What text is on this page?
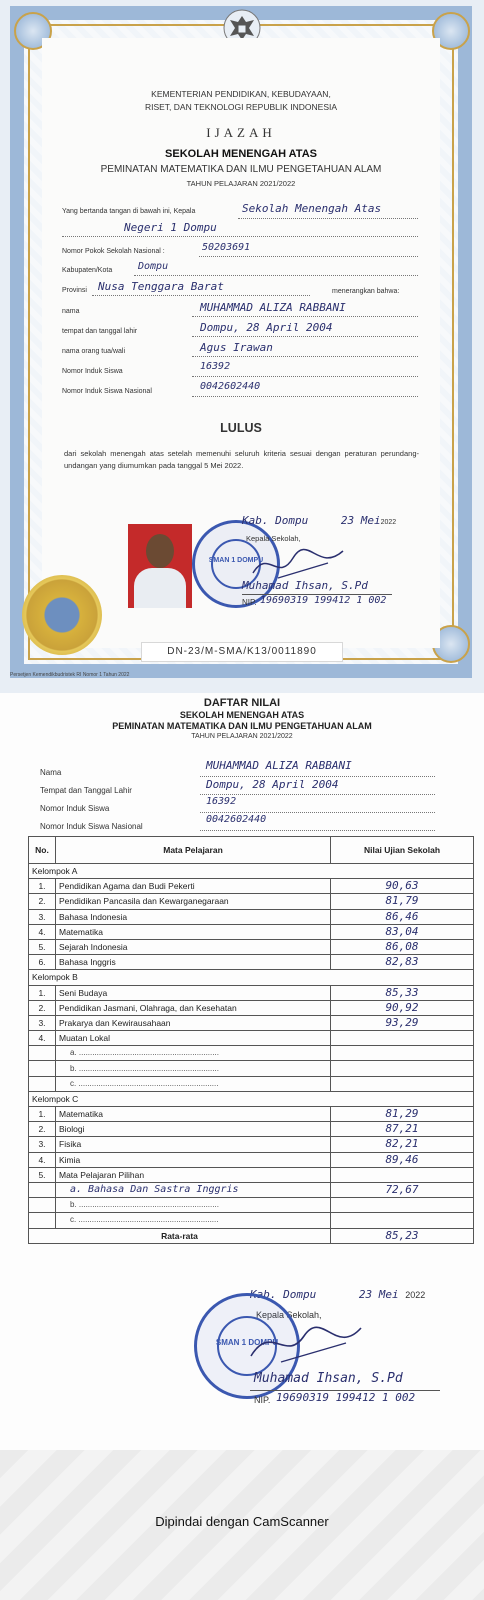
KEMENTERIAN PENDIDIKAN, KEBUDAYAAN,
RISET, DAN TEKNOLOGI REPUBLIK INDONESIA
IJAZAH
SEKOLAH MENENGAH ATAS
PEMINATAN MATEMATIKA DAN ILMU PENGETAHUAN ALAM
TAHUN PELAJARAN 2021/2022
Yang bertanda tangan di bawah ini, Kepala	Sekolah Menengah Atas
Negeri 1 Dompu
Nomor Pokok Sekolah Nasional :	50203691
Kabupaten/Kota	Dompu
Provinsi Nusa Tenggara Barat	menerangkan bahwa:
nama	MUHAMMAD ALIZA RABBANI
tempat dan tanggal lahir	Dompu, 28 April 2004
nama orang tua/wali	Agus Irawan
Nomor Induk Siswa	16392
Nomor Induk Siswa Nasional	0042602440
LULUS
dari sekolah menengah atas setelah memenuhi seluruh kriteria sesuai dengan peraturan perundang-undangan yang diumumkan pada tanggal 5 Mei 2022.
SMAN 1 DOMPU
Kab. Dompu	23 Mei2022
Kepala Sekolah,
Muhamad Ihsan, S.Pd
NIP. 19690319 199412 1 002
DN-23/M-SMA/K13/0011890
Persetjen Kemendikbudristek RI Nomor 1 Tahun 2022
DAFTAR NILAI
SEKOLAH MENENGAH ATAS
PEMINATAN MATEMATIKA DAN ILMU PENGETAHUAN ALAM
TAHUN PELAJARAN 2021/2022
Nama
MUHAMMAD ALIZA RABBANI
Tempat dan Tanggal Lahir	Dompu, 28 April 2004
Nomor Induk Siswa
16392
Nomor Induk Siswa Nasional
0042602440
No.	Mata Pelajaran	Nilai Ujian Sekolah
Kelompok A		
1.	Pendidikan Agama dan Budi Pekerti	90,63
2.	Pendidikan Pancasila dan Kewarganegaraan	81,79
3.	Bahasa Indonesia	86,46
4.	Matematika	83,04
5.	Sejarah Indonesia	86,08
6.	Bahasa Inggris	82,83
Kelompok B		
1.	Seni Budaya	85,33
2.	Pendidikan Jasmani, Olahraga, dan Kesehatan	90,92
3.	Prakarya dan Kewirausahaan	93,29
4.	Muatan Lokal	
	a. ...............................................................	
	b. ...............................................................	
	c. ...............................................................	
Kelompok C		
1.	Matematika	81,29
2.	Biologi	87,21
3.	Fisika	82,21
4.	Kimia	89,46
5.	Mata Pelajaran Pilihan	
	a. Bahasa Dan Sastra Inggris	72,67
	b. ...............................................................	
	c. ...............................................................	
Rata-rata		85,23
Kab. Dompu	23 Mei 2022
Kepala Sekolah,
SMAN 1 DOMPU
Muhamad Ihsan, S.Pd
NIP. 19690319 199412 1 002
Dipindai dengan CamScanner
